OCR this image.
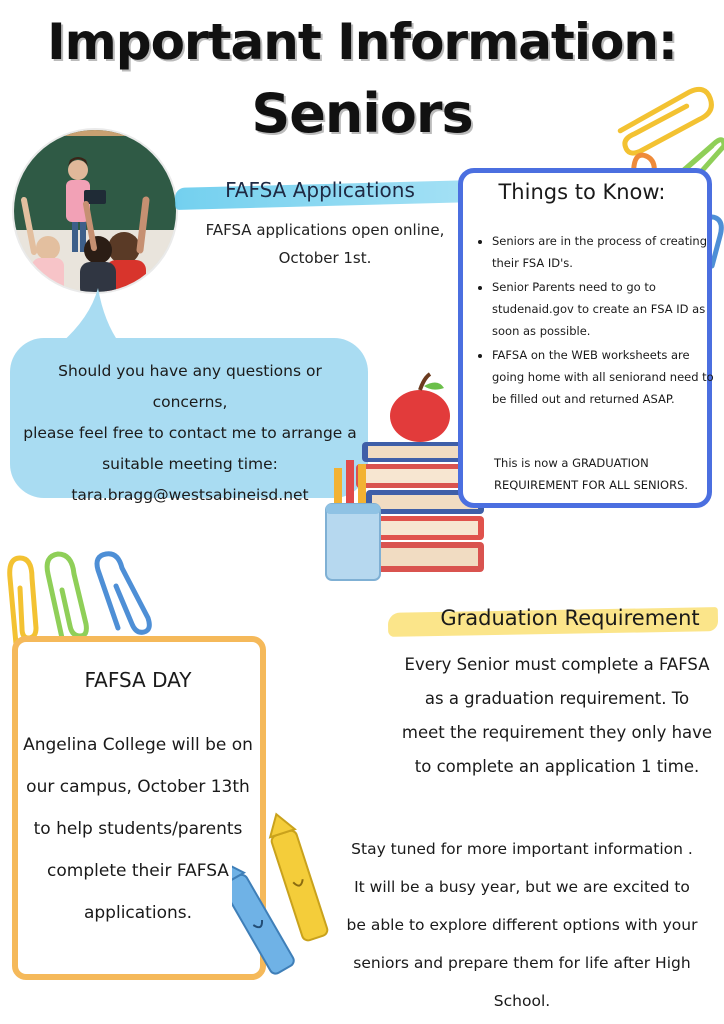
Important Information:
Seniors
FAFSA Applications
FAFSA applications open online,
October 1st.
Should you have any questions or concerns,
please feel free to contact me to arrange a
suitable meeting time:
tara.bragg@westsabineisd.net
Things to Know:
• Seniors are in the process of creating their FSA ID's.
• Senior Parents need to go to studenaid.gov to create an FSA ID as soon as possible.
• FAFSA on the WEB worksheets are going home with all seniorand need to be filled out and returned ASAP.
This is now a GRADUATION REQUIREMENT FOR ALL SENIORS.
Graduation Requirement
Every Senior must complete a FAFSA
as a graduation requirement. To
meet the requirement they only have
to complete an application 1 time.
FAFSA DAY
Angelina College will be on
our campus, October 13th
to help students/parents
complete their FAFSA
applications.
Stay tuned for more important information .
It will be a busy year, but we are excited to
be able to explore different options with your
seniors and prepare them for life after High
School.
